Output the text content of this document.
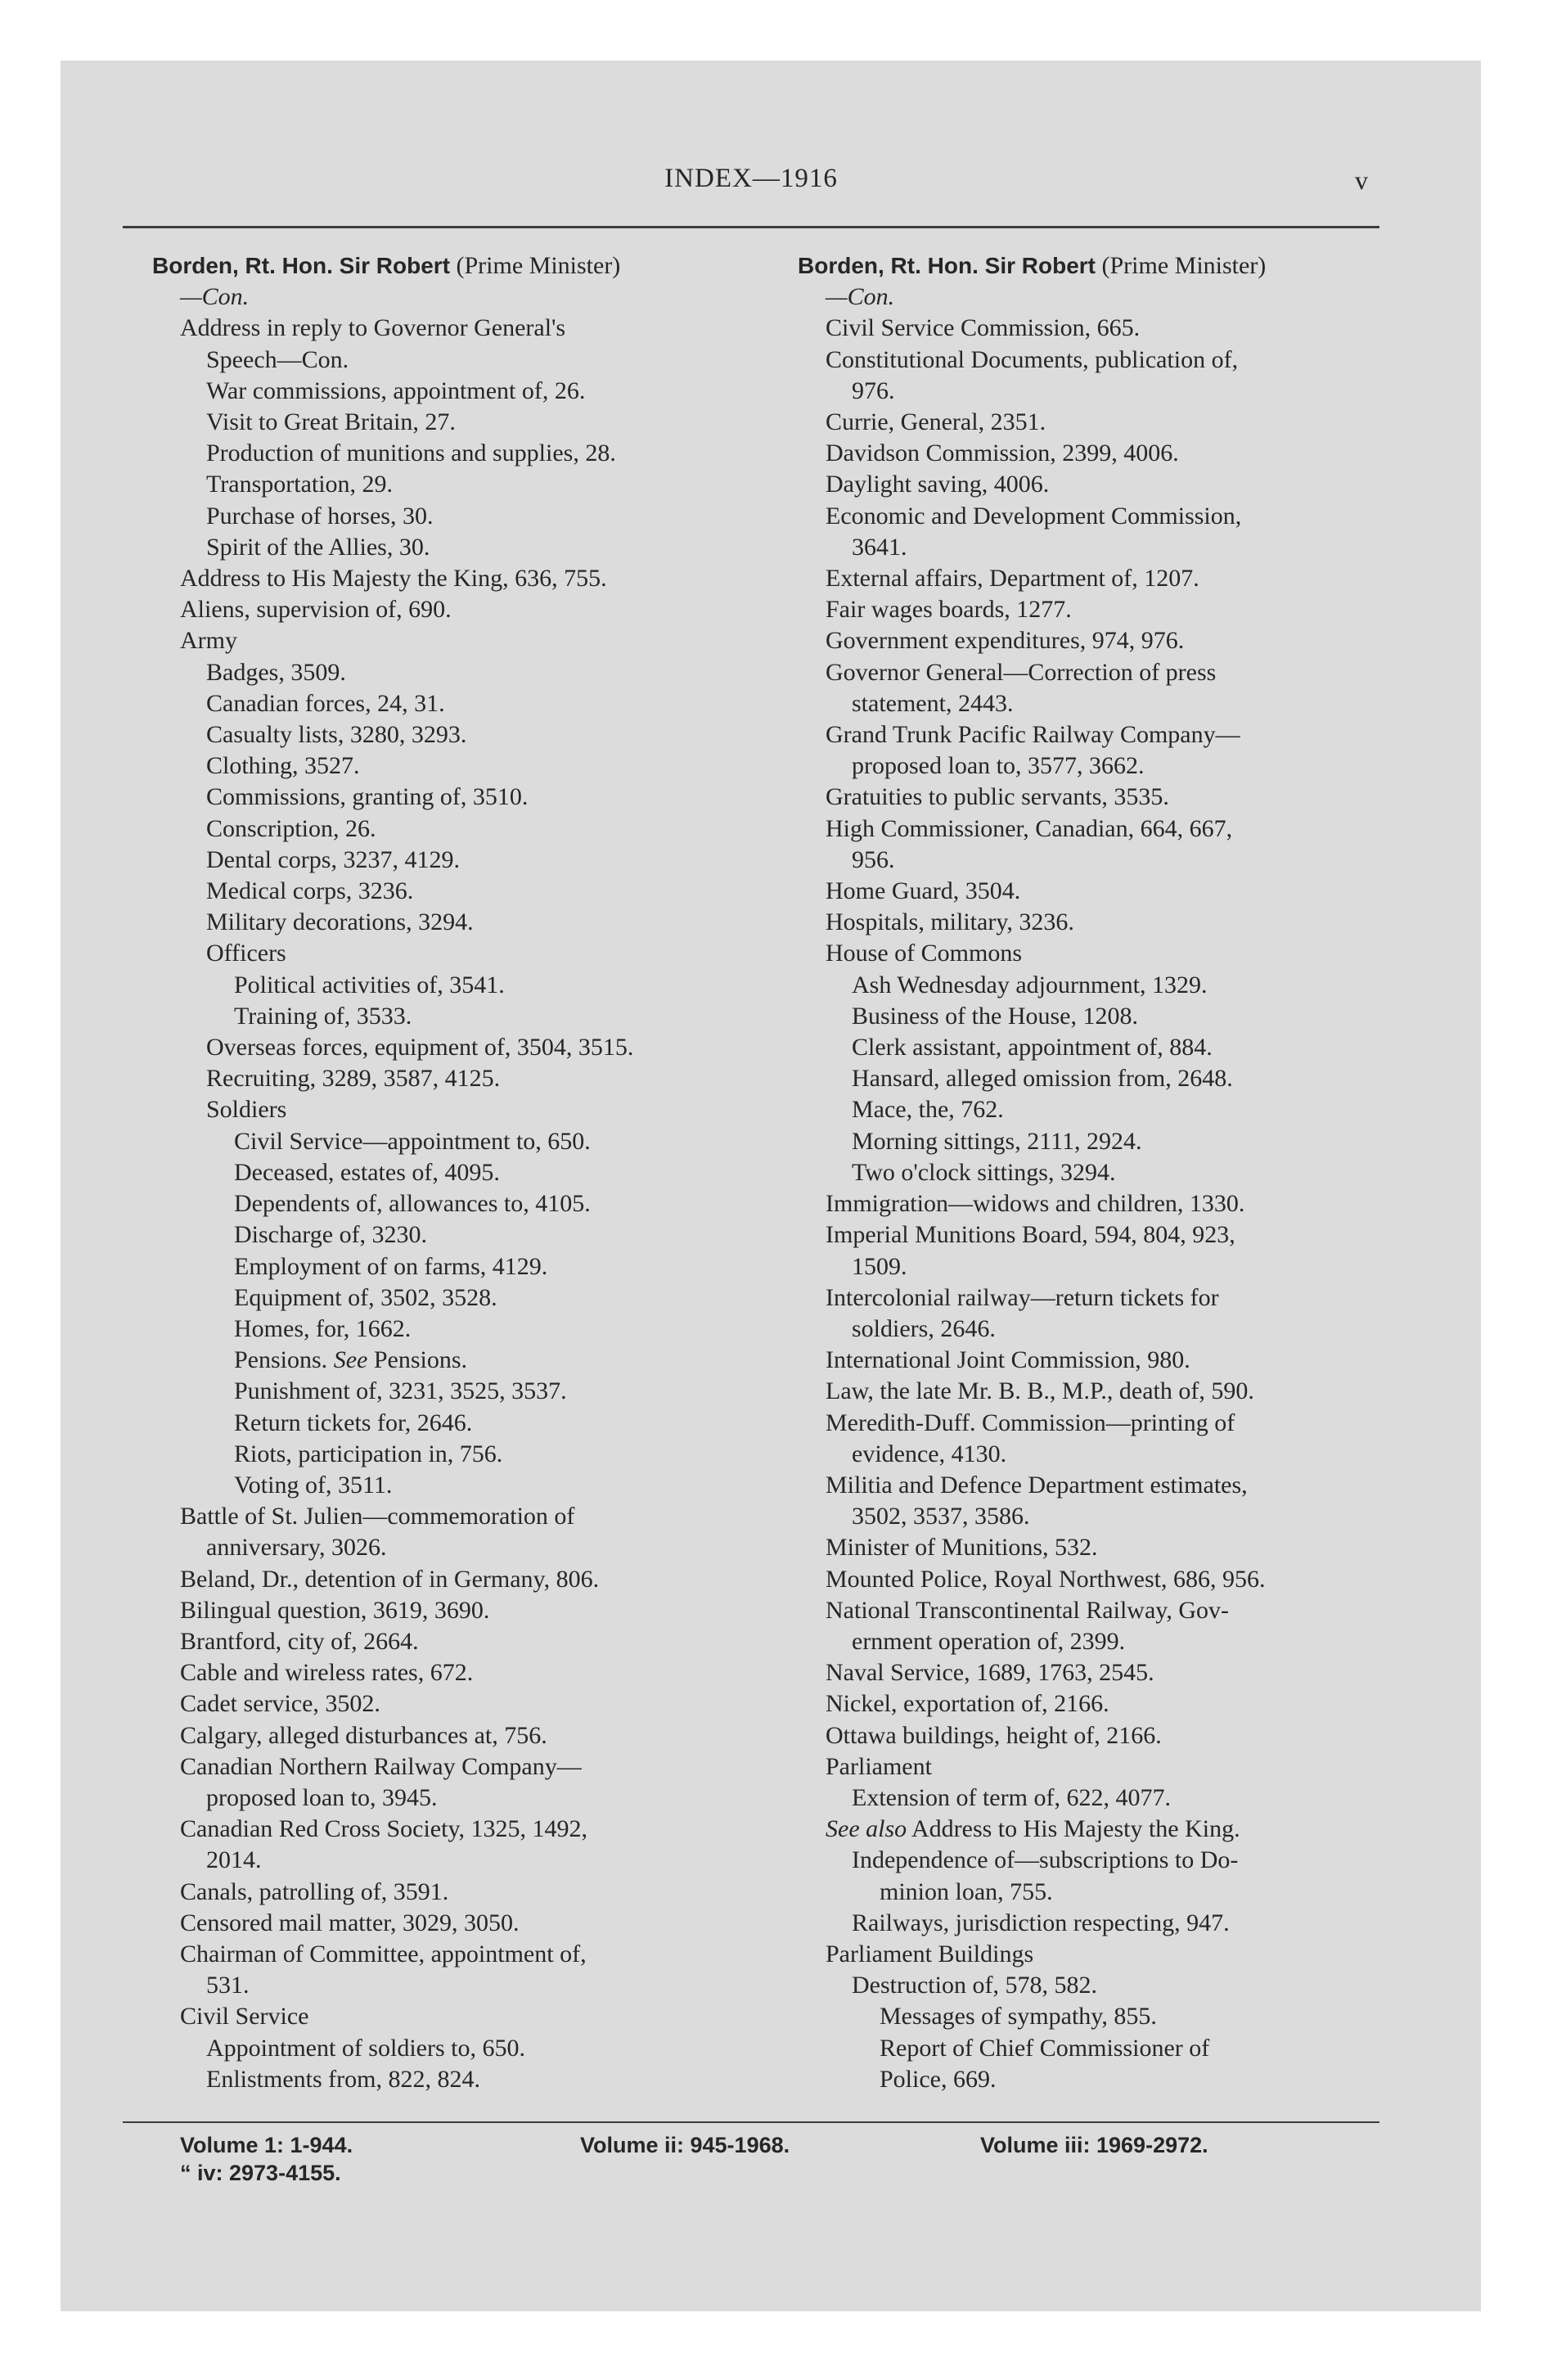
INDEX—1916	v
Borden, Rt. Hon. Sir Robert (Prime Minister)
—Con.
Address in reply to Governor General's
Speech—Con.
War commissions, appointment of, 26.
Visit to Great Britain, 27.
Production of munitions and supplies, 28.
Transportation, 29.
Purchase of horses, 30.
Spirit of the Allies, 30.
Address to His Majesty the King, 636, 755.
Aliens, supervision of, 690.
Army
Badges, 3509.
Canadian forces, 24, 31.
Casualty lists, 3280, 3293.
Clothing, 3527.
Commissions, granting of, 3510.
Conscription, 26.
Dental corps, 3237, 4129.
Medical corps, 3236.
Military decorations, 3294.
Officers
Political activities of, 3541.
Training of, 3533.
Overseas forces, equipment of, 3504, 3515.
Recruiting, 3289, 3587, 4125.
Soldiers
Civil Service—appointment to, 650.
Deceased, estates of, 4095.
Dependents of, allowances to, 4105.
Discharge of, 3230.
Employment of on farms, 4129.
Equipment of, 3502, 3528.
Homes, for, 1662.
Pensions. See Pensions.
Punishment of, 3231, 3525, 3537.
Return tickets for, 2646.
Riots, participation in, 756.
Voting of, 3511.
Battle of St. Julien—commemoration of
anniversary, 3026.
Beland, Dr., detention of in Germany, 806.
Bilingual question, 3619, 3690.
Brantford, city of, 2664.
Cable and wireless rates, 672.
Cadet service, 3502.
Calgary, alleged disturbances at, 756.
Canadian Northern Railway Company—
proposed loan to, 3945.
Canadian Red Cross Society, 1325, 1492,
2014.
Canals, patrolling of, 3591.
Censored mail matter, 3029, 3050.
Chairman of Committee, appointment of,
531.
Civil Service
Appointment of soldiers to, 650.
Enlistments from, 822, 824.
Borden, Rt. Hon. Sir Robert (Prime Minister)
—Con.
Civil Service Commission, 665.
Constitutional Documents, publication of,
976.
Currie, General, 2351.
Davidson Commission, 2399, 4006.
Daylight saving, 4006.
Economic and Development Commission,
3641.
External affairs, Department of, 1207.
Fair wages boards, 1277.
Government expenditures, 974, 976.
Governor General—Correction of press
statement, 2443.
Grand Trunk Pacific Railway Company—
proposed loan to, 3577, 3662.
Gratuities to public servants, 3535.
High Commissioner, Canadian, 664, 667,
956.
Home Guard, 3504.
Hospitals, military, 3236.
House of Commons
Ash Wednesday adjournment, 1329.
Business of the House, 1208.
Clerk assistant, appointment of, 884.
Hansard, alleged omission from, 2648.
Mace, the, 762.
Morning sittings, 2111, 2924.
Two o'clock sittings, 3294.
Immigration—widows and children, 1330.
Imperial Munitions Board, 594, 804, 923,
1509.
Intercolonial railway—return tickets for
soldiers, 2646.
International Joint Commission, 980.
Law, the late Mr. B. B., M.P., death of, 590.
Meredith-Duff. Commission—printing of
evidence, 4130.
Militia and Defence Department estimates,
3502, 3537, 3586.
Minister of Munitions, 532.
Mounted Police, Royal Northwest, 686, 956.
National Transcontinental Railway, Gov-
ernment operation of, 2399.
Naval Service, 1689, 1763, 2545.
Nickel, exportation of, 2166.
Ottawa buildings, height of, 2166.
Parliament
Extension of term of, 622, 4077.
See also Address to His Majesty the King.
Independence of—subscriptions to Do-
minion loan, 755.
Railways, jurisdiction respecting, 947.
Parliament Buildings
Destruction of, 578, 582.
Messages of sympathy, 855.
Report of Chief Commissioner of
Police, 669.
Volume 1: 1-944.	Volume ii: 945-1968.	Volume iii: 1969-2972.
“ iv: 2973-4155.
